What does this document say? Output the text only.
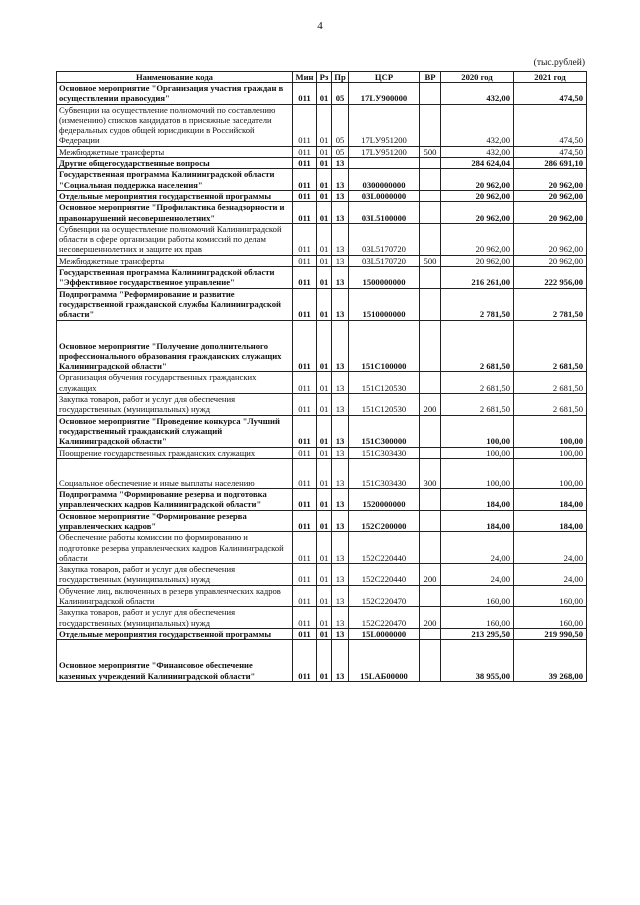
4
(тыс.рублей)
Наименование кода	Мин	Рз	Пр	ЦСР	ВР	2020 год	2021 год
Основное мероприятие "Организация участия граждан в осуществлении правосудия"	011	01	05	17LУ900000		432,00	474,50
Субвенции на осуществление полномочий по составлению (изменению) списков кандидатов в присяжные заседатели федеральных судов общей юрисдикции в Российской Федерации	011	01	05	17LУ951200		432,00	474,50
Межбюджетные трансферты	011	01	05	17LУ951200	500	432,00	474,50
Другие общегосударственные вопросы	011	01	13			284 624,04	286 691,10
Государственная программа Калининградской области "Социальная поддержка населения"	011	01	13	0300000000		20 962,00	20 962,00
Отдельные мероприятия государственной программы	011	01	13	03L0000000		20 962,00	20 962,00
Основное мероприятие "Профилактика безнадзорности и правонарушений несовершеннолетних"	011	01	13	03L5100000		20 962,00	20 962,00
Субвенции на осуществление полномочий Калининградской области в сфере организации работы комиссий по делам несовершеннолетних и защите их прав	011	01	13	03L5170720		20 962,00	20 962,00
Межбюджетные трансферты	011	01	13	03L5170720	500	20 962,00	20 962,00
Государственная программа Калининградской области "Эффективное государственное управление"	011	01	13	1500000000		216 261,00	222 956,00
Подпрограмма "Реформирование и развитие государственной гражданской службы Калининградской области"	011	01	13	1510000000		2 781,50	2 781,50
Основное мероприятие "Получение дополнительного профессионального образования гражданских служащих Калининградской области"	011	01	13	151C100000		2 681,50	2 681,50
Организация обучения государственных гражданских служащих	011	01	13	151C120530		2 681,50	2 681,50
Закупка товаров, работ и услуг для обеспечения государственных (муниципальных) нужд	011	01	13	151C120530	200	2 681,50	2 681,50
Основное мероприятие "Проведение конкурса "Лучший государственный гражданский служащий Калининградской области"	011	01	13	151C300000		100,00	100,00
Поощрение государственных гражданских служащих	011	01	13	151C303430		100,00	100,00
Социальное обеспечение и иные выплаты населению	011	01	13	151C303430	300	100,00	100,00
Подпрограмма "Формирование резерва и подготовка управленческих кадров Калининградской области"	011	01	13	1520000000		184,00	184,00
Основное мероприятие "Формирование резерва управленческих кадров"	011	01	13	152C200000		184,00	184,00
Обеспечение работы комиссии по формированию и подготовке резерва управленческих кадров Калининградской области	011	01	13	152C220440		24,00	24,00
Закупка товаров, работ и услуг для обеспечения государственных (муниципальных) нужд	011	01	13	152C220440	200	24,00	24,00
Обучение лиц, включенных в резерв управленческих кадров Калининградской области	011	01	13	152C220470		160,00	160,00
Закупка товаров, работ и услуг для обеспечения государственных (муниципальных) нужд	011	01	13	152C220470	200	160,00	160,00
Отдельные мероприятия государственной программы	011	01	13	15L0000000		213 295,50	219 990,50
Основное мероприятие "Финансовое обеспечение казенных учреждений Калининградской области"	011	01	13	15LAБ00000		38 955,00	39 268,00
